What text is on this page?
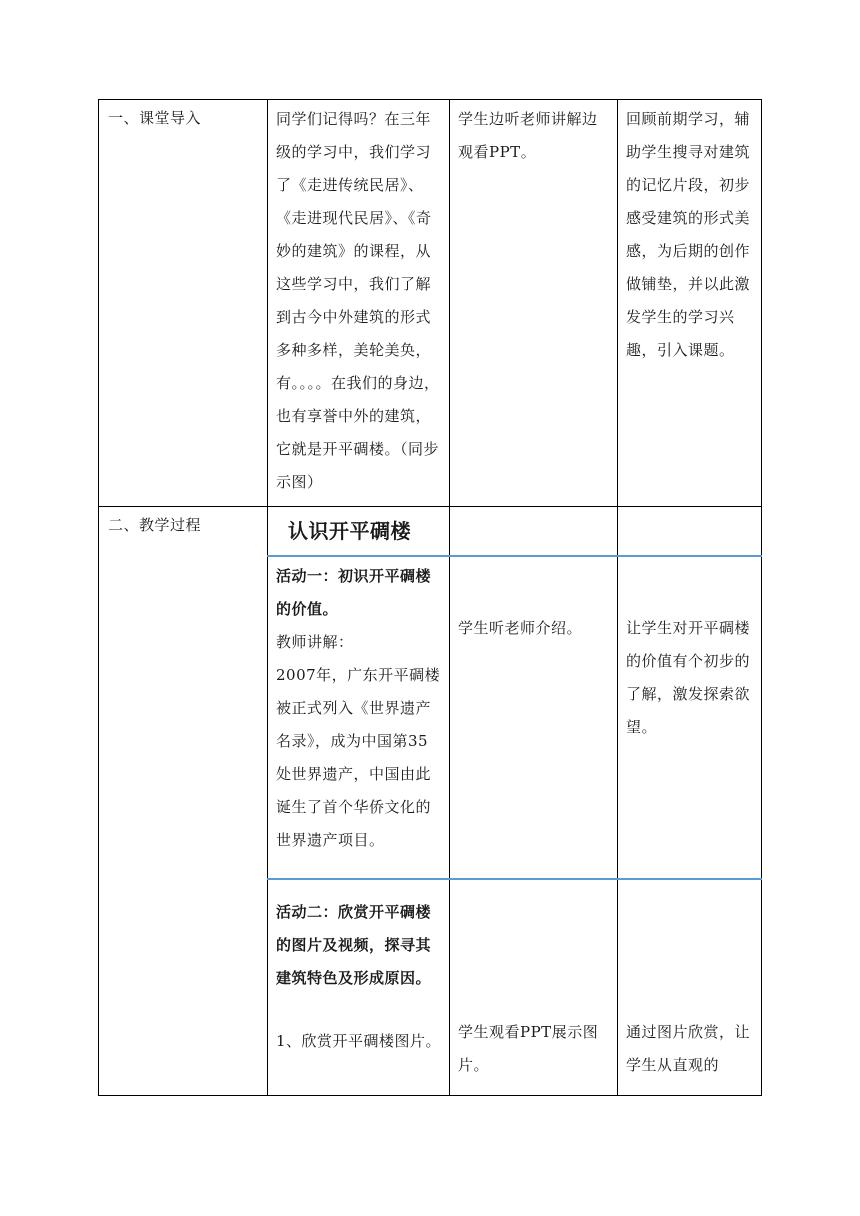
一、课堂导入	同学们记得吗？在三年级的学习中，我们学习了《走进传统民居》、《走进现代民居》、《奇妙的建筑》的课程，从这些学习中，我们了解到古今中外建筑的形式多种多样，美轮美奂，有。。。。在我们的身边，也有享誉中外的建筑，它就是开平碉楼。（同步示图）	学生边听老师讲解边观看PPT。	回顾前期学习，辅助学生搜寻对建筑的记忆片段，初步感受建筑的形式美感，为后期的创作做铺垫，并以此激发学生的学习兴趣，引入课题。

二、教学过程	认识开平碉楼		

	活动一：初识开平碉楼的价值。
教师讲解：
2007年，广东开平碉楼被正式列入《世界遗产名录》，成为中国第35处世界遗产，中国由此诞生了首个华侨文化的世界遗产项目。	学生听老师介绍。	让学生对开平碉楼的价值有个初步的了解，激发探索欲望。

	活动二：欣赏开平碉楼的图片及视频，探寻其建筑特色及形成原因。
1、欣赏开平碉楼图片。	学生观看PPT展示图片。	通过图片欣赏，让学生从直观的
